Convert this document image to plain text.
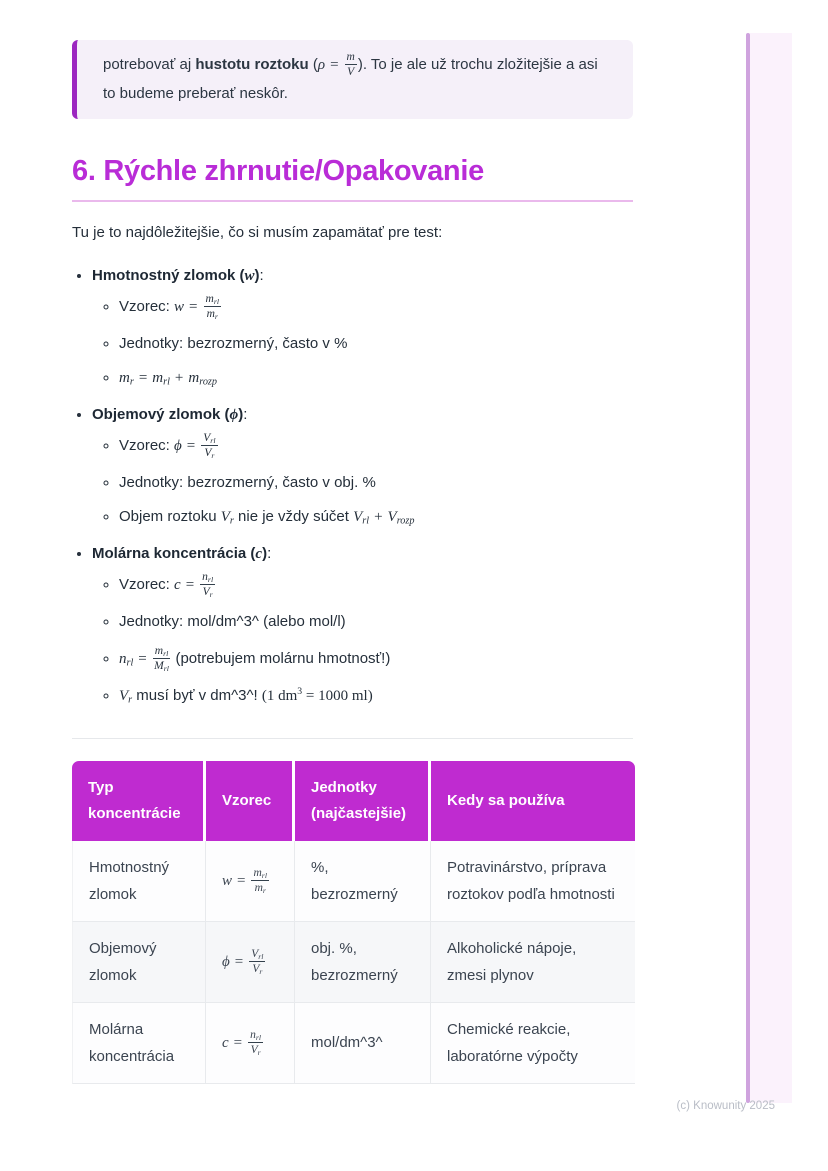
potrebovať aj hustotu roztoku ($\rho = \frac{m}{V}$ ). To je ale už trochu zložitejšie a asi to budeme preberať neskôr.
6. Rýchle zhrnutie/Opakovanie

Tu je to najdôležitejšie, čo si musím zapamätať pre test:

• Hmotnostný zlomok (w):
◦ Vzorec: $w = \frac{m_{rl}}{m_r}$
◦ Jednotky: bezrozmerný, často v %
◦ $m_r = m_{rl} + m_{rozp}$
• Objemový zlomok (ϕ):
◦ Vzorec: $\phi = \frac{V_{rl}}{V_r}$
◦ Jednotky: bezrozmerný, často v obj. %
◦ Objem roztoku $V_r$ nie je vždy súčet $V_{rl} + V_{rozp}$
• Molárna koncentrácia (c):
◦ Vzorec: $c = \frac{n_{rl}}{V_r}$
◦ Jednotky: mol/dm^3^ (alebo mol/l)
◦ $n_{rl} = \frac{m_{rl}}{M_{rl}}$ (potrebujem molárnu hmotnosť!)
◦ $V_r$ musí byť v dm^3^! (1 $dm^3 = 1000$ ml)
Typ koncentrácie	Vzorec	Jednotky (najčastejšie)	Kedy sa používa
Hmotnostný zlomok	$w = \frac{m_{rl}}{m_r}$	%, bezrozmerný	Potravinárstvo, príprava roztokov podľa hmotnosti
Objemový zlomok	$\phi = \frac{V_{rl}}{V_r}$	obj. %, bezrozmerný	Alkoholické nápoje, zmesi plynov
Molárna koncentrácia	$c = \frac{n_{rl}}{V_r}$	mol/dm^3^	Chemické reakcie, laboratórne výpočty
(c) Knowunity 2025
